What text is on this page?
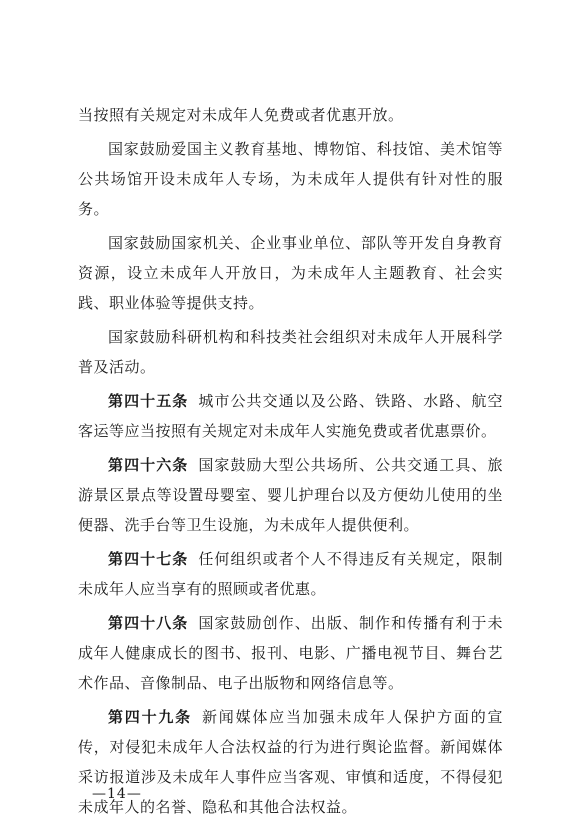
当按照有关规定对未成年人免费或者优惠开放。

国家鼓励爱国主义教育基地、博物馆、科技馆、美术馆等公共场馆开设未成年人专场，为未成年人提供有针对性的服务。

国家鼓励国家机关、企业事业单位、部队等开发自身教育资源，设立未成年人开放日，为未成年人主题教育、社会实践、职业体验等提供支持。

国家鼓励科研机构和科技类社会组织对未成年人开展科学普及活动。

第四十五条 城市公共交通以及公路、铁路、水路、航空客运等应当按照有关规定对未成年人实施免费或者优惠票价。

第四十六条 国家鼓励大型公共场所、公共交通工具、旅游景区景点等设置母婴室、婴儿护理台以及方便幼儿使用的坐便器、洗手台等卫生设施，为未成年人提供便利。

第四十七条 任何组织或者个人不得违反有关规定，限制未成年人应当享有的照顾或者优惠。

第四十八条 国家鼓励创作、出版、制作和传播有利于未成年人健康成长的图书、报刊、电影、广播电视节目、舞台艺术作品、音像制品、电子出版物和网络信息等。

第四十九条 新闻媒体应当加强未成年人保护方面的宣传，对侵犯未成年人合法权益的行为进行舆论监督。新闻媒体采访报道涉及未成年人事件应当客观、审慎和适度，不得侵犯未成年人的名誉、隐私和其他合法权益。

—14—
